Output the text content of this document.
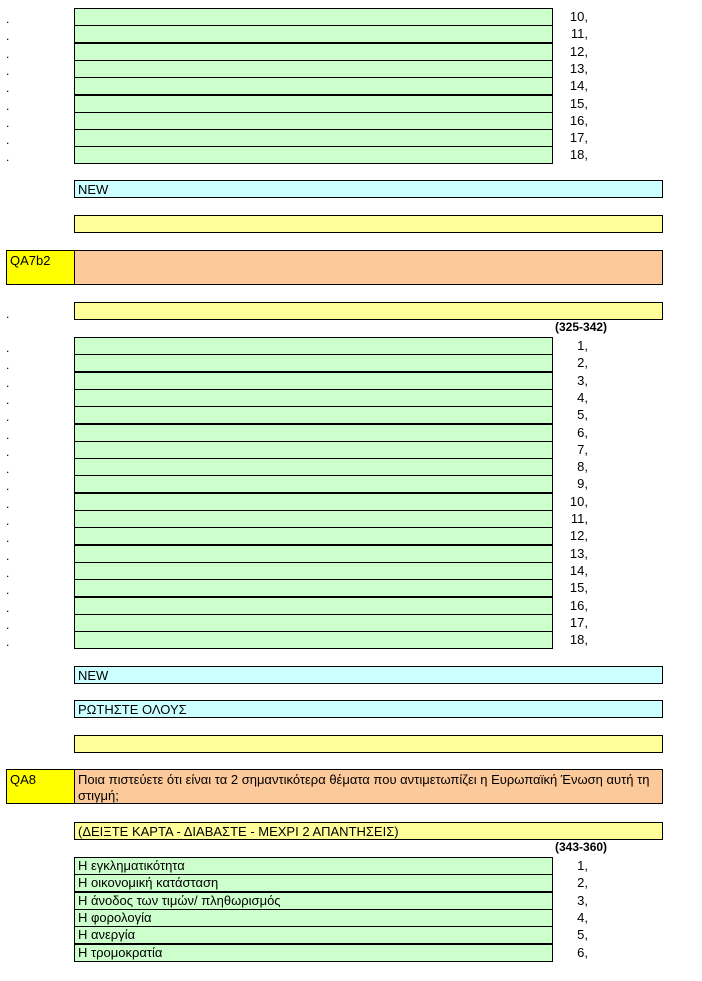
.	10,
.	11,
.	12,
.	13,
.	14,
.	15,
.	16,
.	17,
.	18,
NEW
QA7b2
.
(325-342)
.	1,
.	2,
.	3,
.	4,
.	5,
.	6,
.	7,
.	8,
.	9,
.	10,
.	11,
.	12,
.	13,
.	14,
.	15,
.	16,
.	17,
.	18,
NEW
ΡΩΤΗΣΤΕ ΟΛΟΥΣ
QA8	Ποια πιστεύετε ότι είναι τα 2 σημαντικότερα θέματα που αντιμετωπίζει η Ευρωπαϊκή Ένωση αυτή τη στιγμή;
(ΔΕΙΞΤΕ ΚΑΡΤΑ - ΔΙΑΒΑΣΤΕ - ΜΕΧΡΙ 2 ΑΠΑΝΤΗΣΕΙΣ)
(343-360)
Η εγκληματικότητα	1,
Η οικονομική κατάσταση	2,
Η άνοδος των τιμών/ πληθωρισμός	3,
Η φορολογία	4,
Η ανεργία	5,
Η τρομοκρατία	6,
